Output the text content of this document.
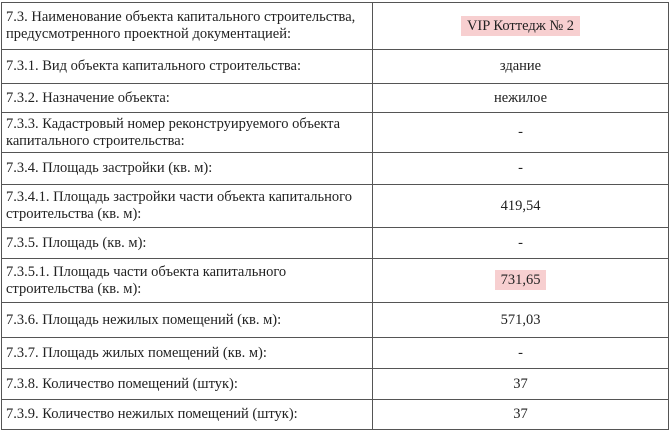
7.3. Наименование объекта капитального строительства, предусмотренного проектной документацией:	VIP Коттедж № 2
7.3.1. Вид объекта капитального строительства:	здание
7.3.2. Назначение объекта:	нежилое
7.3.3. Кадастровый номер реконструируемого объекта капитального строительства:	-
7.3.4. Площадь застройки (кв. м):	-
7.3.4.1. Площадь застройки части объекта капитального строительства (кв. м):	419,54
7.3.5. Площадь (кв. м):	-
7.3.5.1. Площадь части объекта капитального строительства (кв. м):	731,65
7.3.6. Площадь нежилых помещений (кв. м):	571,03
7.3.7. Площадь жилых помещений (кв. м):	-
7.3.8. Количество помещений (штук):	37
7.3.9. Количество нежилых помещений (штук):	37
